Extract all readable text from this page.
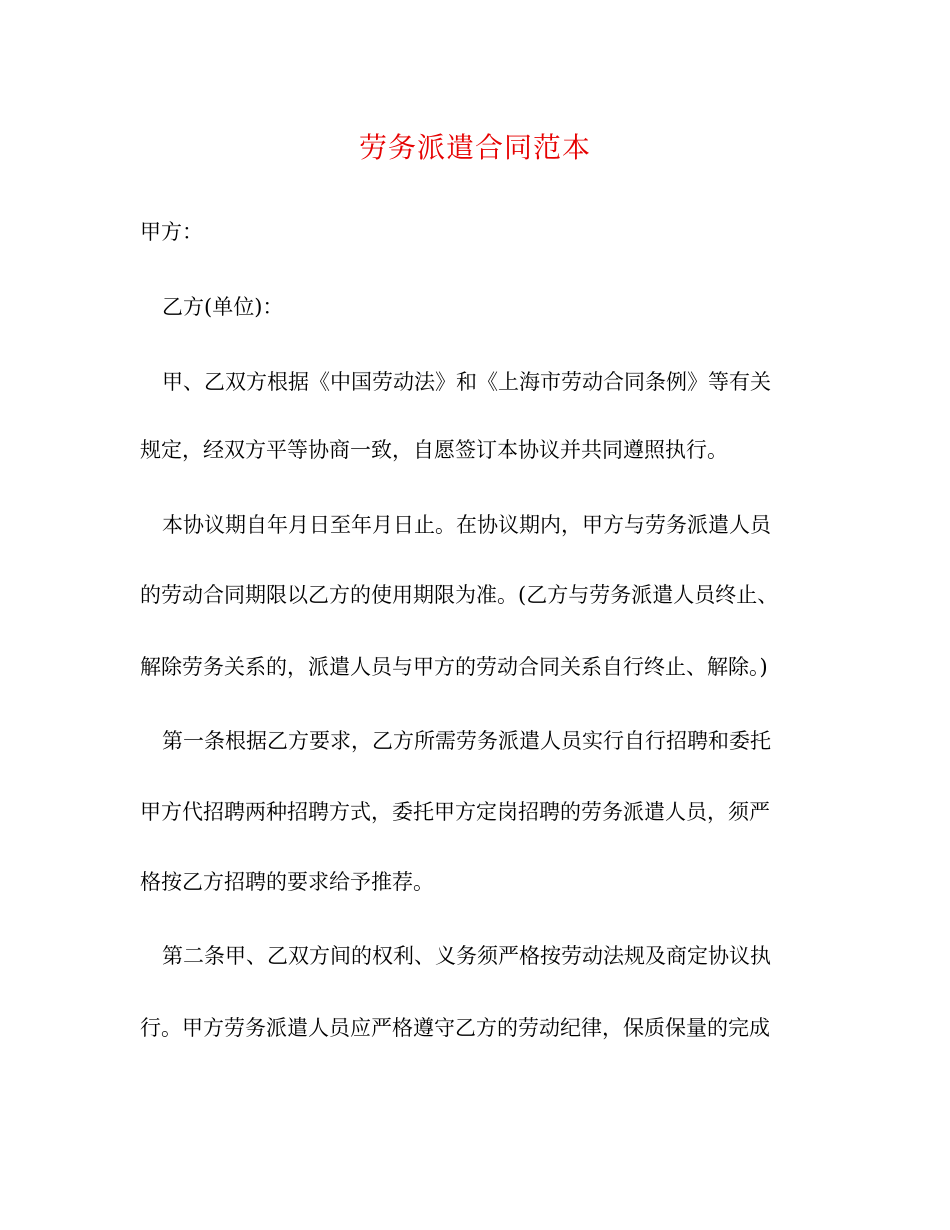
劳务派遣合同范本
甲方：
乙方(单位)：
甲、乙双方根据《中国劳动法》和《上海市劳动合同条例》等有关
规定，经双方平等协商一致，自愿签订本协议并共同遵照执行。
本协议期自年月日至年月日止。在协议期内，甲方与劳务派遣人员
的劳动合同期限以乙方的使用期限为准。(乙方与劳务派遣人员终止、
解除劳务关系的，派遣人员与甲方的劳动合同关系自行终止、解除。)
第一条根据乙方要求，乙方所需劳务派遣人员实行自行招聘和委托
甲方代招聘两种招聘方式，委托甲方定岗招聘的劳务派遣人员，须严
格按乙方招聘的要求给予推荐。
第二条甲、乙双方间的权利、义务须严格按劳动法规及商定协议执
行。甲方劳务派遣人员应严格遵守乙方的劳动纪律，保质保量的完成
